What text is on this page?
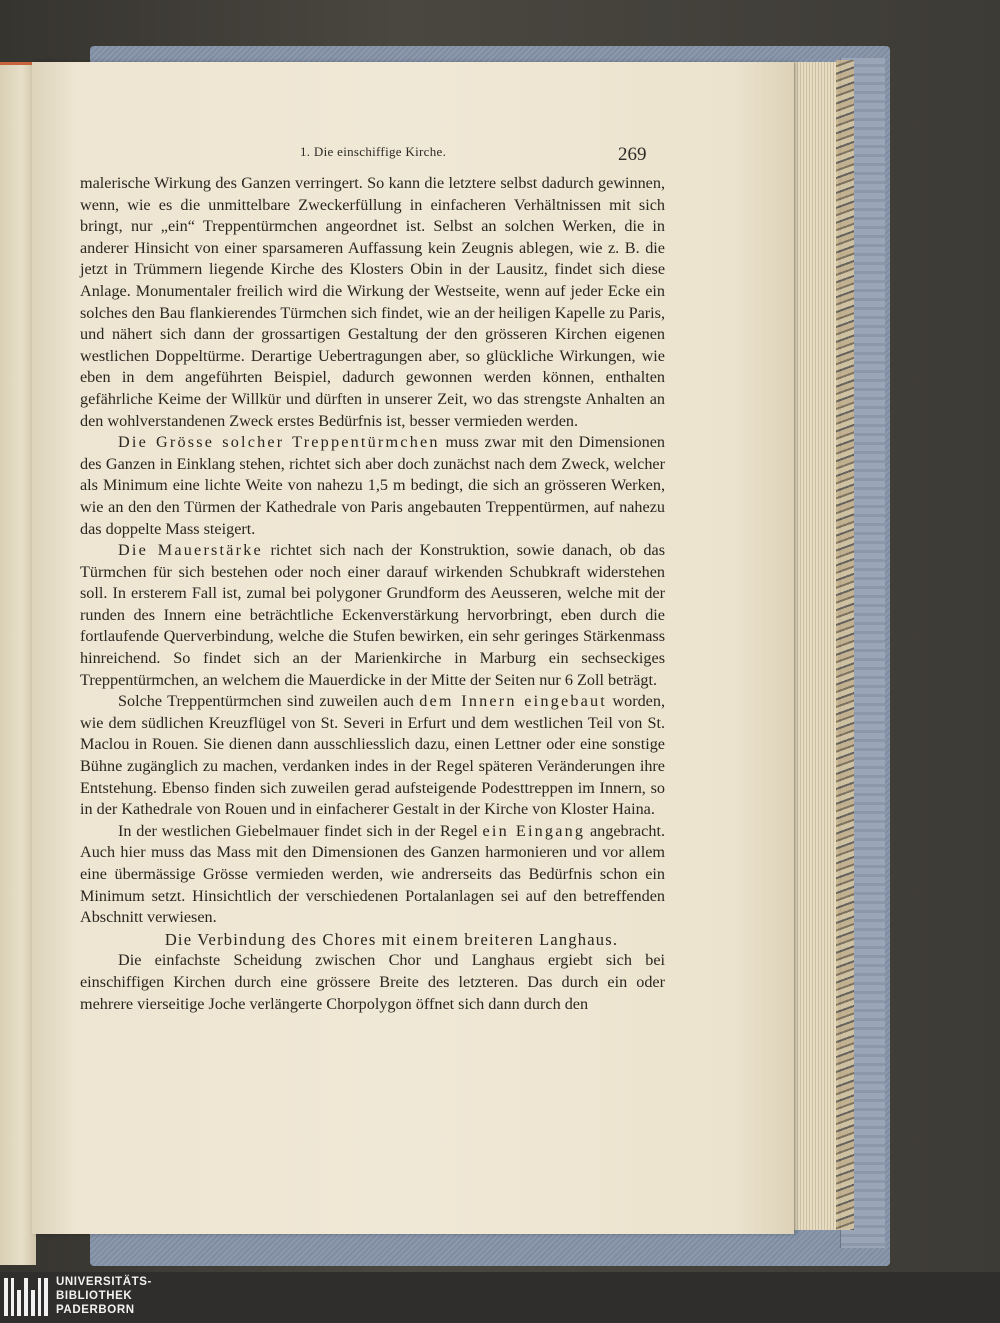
1. Die einschiffige Kirche.	269

malerische Wirkung des Ganzen verringert. So kann die letztere selbst dadurch gewinnen, wenn, wie es die unmittelbare Zweckerfüllung in einfacheren Verhältnissen mit sich bringt, nur „ein“ Treppentürmchen angeordnet ist. Selbst an solchen Werken, die in anderer Hinsicht von einer sparsameren Auffassung kein Zeugnis ablegen, wie z. B. die jetzt in Trümmern liegende Kirche des Klosters Obin in der Lausitz, findet sich diese Anlage. Monumentaler freilich wird die Wirkung der Westseite, wenn auf jeder Ecke ein solches den Bau flankierendes Türmchen sich findet, wie an der heiligen Kapelle zu Paris, und nähert sich dann der grossartigen Gestaltung der den grösseren Kirchen eigenen westlichen Doppeltürme. Derartige Uebertragungen aber, so glückliche Wirkungen, wie eben in dem angeführten Beispiel, dadurch gewonnen werden können, enthalten gefährliche Keime der Willkür und dürften in unserer Zeit, wo das strengste Anhalten an den wohlverstandenen Zweck erstes Bedürfnis ist, besser vermieden werden.

Die Grösse solcher Treppentürmchen muss zwar mit den Dimensionen des Ganzen in Einklang stehen, richtet sich aber doch zunächst nach dem Zweck, welcher als Minimum eine lichte Weite von nahezu 1,5 m bedingt, die sich an grösseren Werken, wie an den den Türmen der Kathedrale von Paris angebauten Treppentürmen, auf nahezu das doppelte Mass steigert.

Die Mauerstärke richtet sich nach der Konstruktion, sowie danach, ob das Türmchen für sich bestehen oder noch einer darauf wirkenden Schubkraft widerstehen soll. In ersterem Fall ist, zumal bei polygoner Grundform des Aeusseren, welche mit der runden des Innern eine beträchtliche Eckenverstärkung hervorbringt, eben durch die fortlaufende Querverbindung, welche die Stufen bewirken, ein sehr geringes Stärkenmass hinreichend. So findet sich an der Marienkirche in Marburg ein sechseckiges Treppentürmchen, an welchem die Mauerdicke in der Mitte der Seiten nur 6 Zoll beträgt.

Solche Treppentürmchen sind zuweilen auch dem Innern eingebaut worden, wie dem südlichen Kreuzflügel von St. Severi in Erfurt und dem westlichen Teil von St. Maclou in Rouen. Sie dienen dann ausschliesslich dazu, einen Lettner oder eine sonstige Bühne zugänglich zu machen, verdanken indes in der Regel späteren Veränderungen ihre Entstehung. Ebenso finden sich zuweilen gerad aufsteigende Podesttreppen im Innern, so in der Kathedrale von Rouen und in einfacherer Gestalt in der Kirche von Kloster Haina.

In der westlichen Giebelmauer findet sich in der Regel ein Eingang angebracht. Auch hier muss das Mass mit den Dimensionen des Ganzen harmonieren und vor allem eine übermässige Grösse vermieden werden, wie andrerseits das Bedürfnis schon ein Minimum setzt. Hinsichtlich der verschiedenen Portalanlagen sei auf den betreffenden Abschnitt verwiesen.

Die Verbindung des Chores mit einem breiteren Langhaus.

Die einfachste Scheidung zwischen Chor und Langhaus ergiebt sich bei einschiffigen Kirchen durch eine grössere Breite des letzteren. Das durch ein oder mehrere vierseitige Joche verlängerte Chorpolygon öffnet sich dann durch den

UNIVERSITÄTS-
BIBLIOTHEK
PADERBORN
